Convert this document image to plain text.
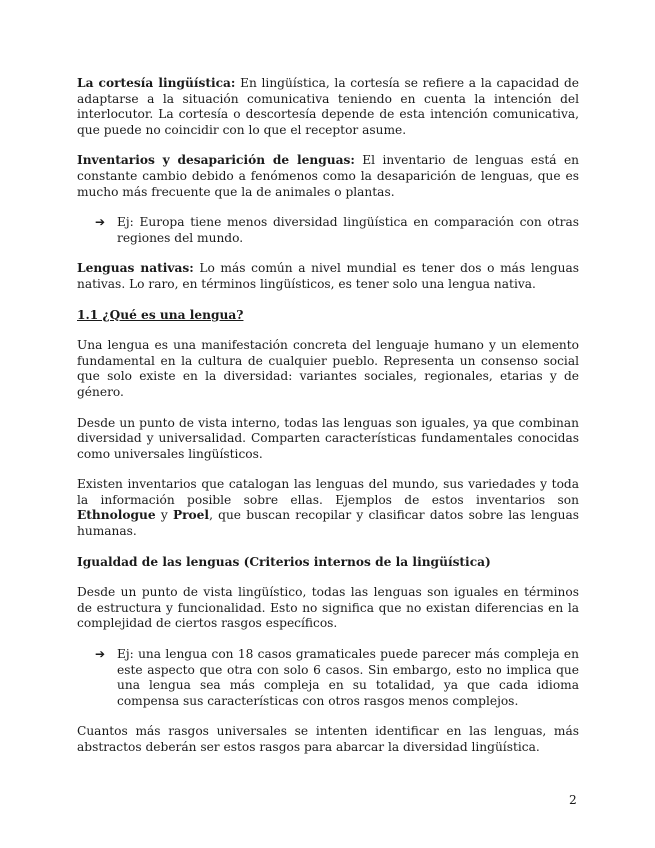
La cortesía lingüística: En lingüística, la cortesía se refiere a la capacidad de adaptarse a la situación comunicativa teniendo en cuenta la intención del interlocutor. La cortesía o descortesía depende de esta intención comunicativa, que puede no coincidir con lo que el receptor asume.

Inventarios y desaparición de lenguas: El inventario de lenguas está en constante cambio debido a fenómenos como la desaparición de lenguas, que es mucho más frecuente que la de animales o plantas.

➔ Ej: Europa tiene menos diversidad lingüística en comparación con otras regiones del mundo.

Lenguas nativas: Lo más común a nivel mundial es tener dos o más lenguas nativas. Lo raro, en términos lingüísticos, es tener solo una lengua nativa.

1.1 ¿Qué es una lengua?

Una lengua es una manifestación concreta del lenguaje humano y un elemento fundamental en la cultura de cualquier pueblo. Representa un consenso social que solo existe en la diversidad: variantes sociales, regionales, etarias y de género.

Desde un punto de vista interno, todas las lenguas son iguales, ya que combinan diversidad y universalidad. Comparten características fundamentales conocidas como universales lingüísticos.

Existen inventarios que catalogan las lenguas del mundo, sus variedades y toda la información posible sobre ellas. Ejemplos de estos inventarios son Ethnologue y Proel, que buscan recopilar y clasificar datos sobre las lenguas humanas.

Igualdad de las lenguas (Criterios internos de la lingüística)

Desde un punto de vista lingüístico, todas las lenguas son iguales en términos de estructura y funcionalidad. Esto no significa que no existan diferencias en la complejidad de ciertos rasgos específicos.

➔ Ej: una lengua con 18 casos gramaticales puede parecer más compleja en este aspecto que otra con solo 6 casos. Sin embargo, esto no implica que una lengua sea más compleja en su totalidad, ya que cada idioma compensa sus características con otros rasgos menos complejos.

Cuantos más rasgos universales se intenten identificar en las lenguas, más abstractos deberán ser estos rasgos para abarcar la diversidad lingüística.

2
